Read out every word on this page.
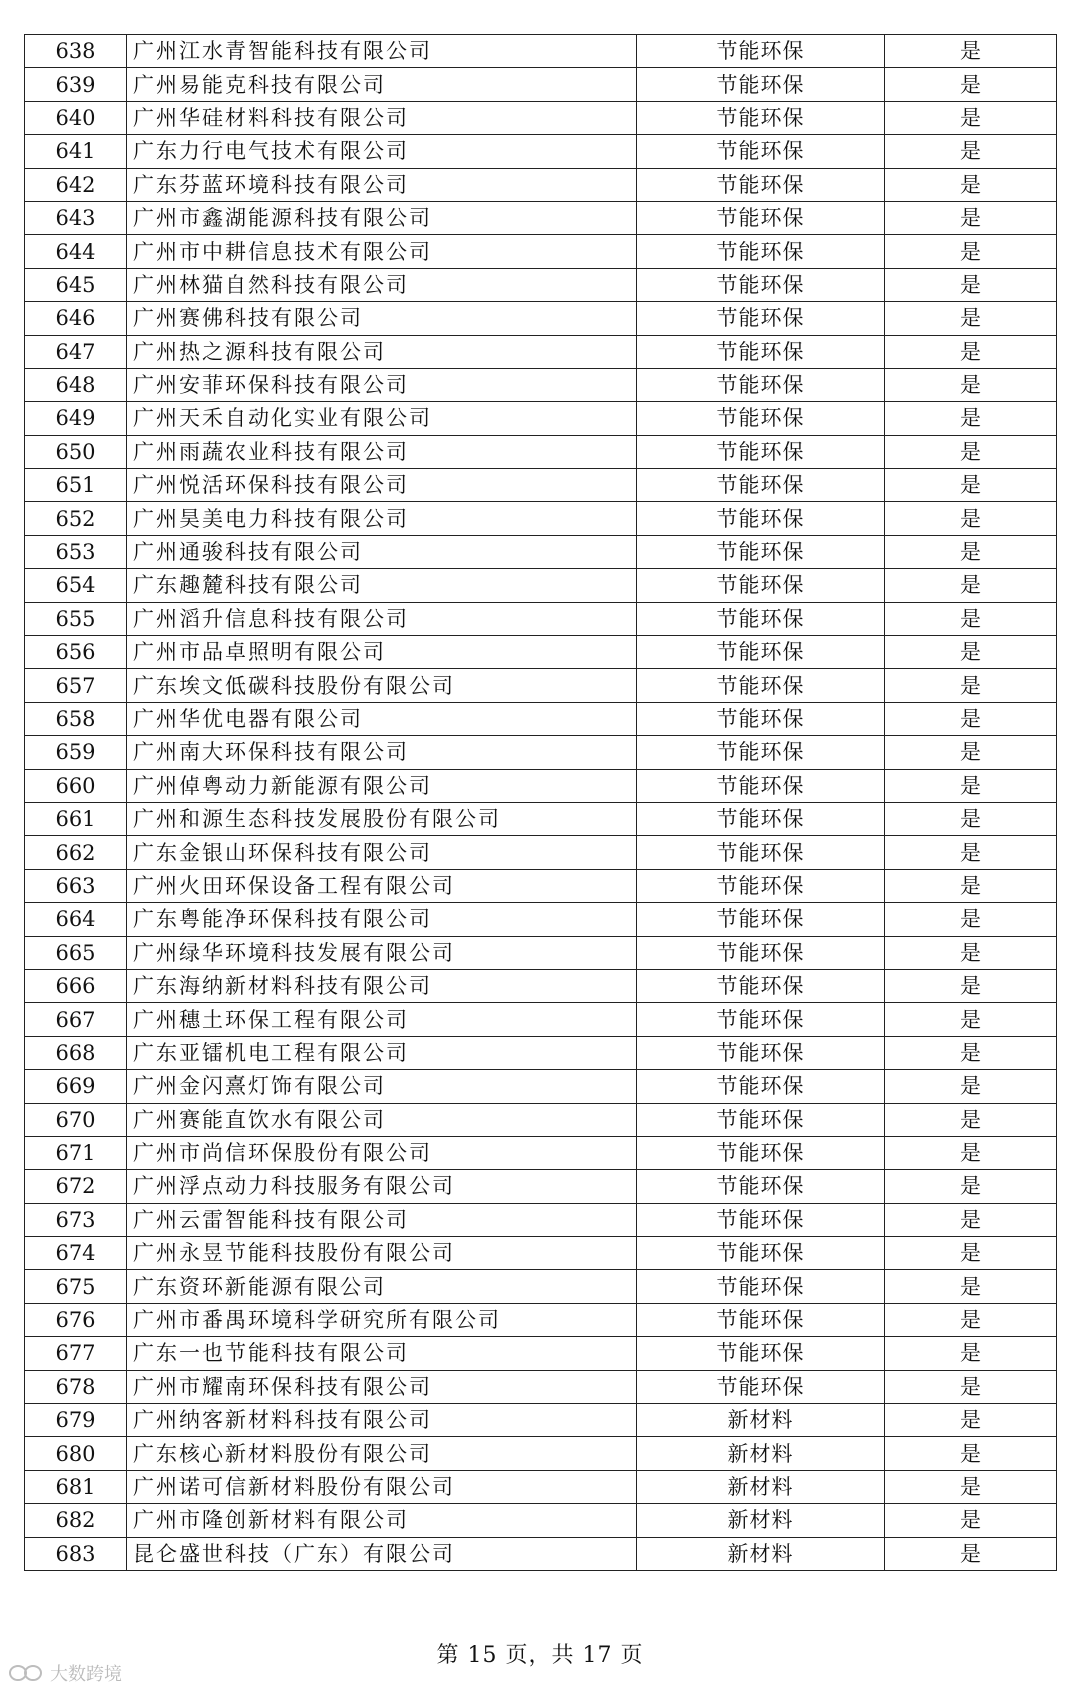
638	广州江水青智能科技有限公司	节能环保	是
639	广州易能克科技有限公司	节能环保	是
640	广州华硅材料科技有限公司	节能环保	是
641	广东力行电气技术有限公司	节能环保	是
642	广东芬蓝环境科技有限公司	节能环保	是
643	广州市鑫湖能源科技有限公司	节能环保	是
644	广州市中耕信息技术有限公司	节能环保	是
645	广州林猫自然科技有限公司	节能环保	是
646	广州赛佛科技有限公司	节能环保	是
647	广州热之源科技有限公司	节能环保	是
648	广州安菲环保科技有限公司	节能环保	是
649	广州天禾自动化实业有限公司	节能环保	是
650	广州雨蔬农业科技有限公司	节能环保	是
651	广州悦活环保科技有限公司	节能环保	是
652	广州昊美电力科技有限公司	节能环保	是
653	广州通骏科技有限公司	节能环保	是
654	广东趣麓科技有限公司	节能环保	是
655	广州滔升信息科技有限公司	节能环保	是
656	广州市品卓照明有限公司	节能环保	是
657	广东埃文低碳科技股份有限公司	节能环保	是
658	广州华优电器有限公司	节能环保	是
659	广州南大环保科技有限公司	节能环保	是
660	广州倬粤动力新能源有限公司	节能环保	是
661	广州和源生态科技发展股份有限公司	节能环保	是
662	广东金银山环保科技有限公司	节能环保	是
663	广州火田环保设备工程有限公司	节能环保	是
664	广东粤能净环保科技有限公司	节能环保	是
665	广州绿华环境科技发展有限公司	节能环保	是
666	广东海纳新材料科技有限公司	节能环保	是
667	广州穗土环保工程有限公司	节能环保	是
668	广东亚镭机电工程有限公司	节能环保	是
669	广州金闪熹灯饰有限公司	节能环保	是
670	广州赛能直饮水有限公司	节能环保	是
671	广州市尚信环保股份有限公司	节能环保	是
672	广州浮点动力科技服务有限公司	节能环保	是
673	广州云雷智能科技有限公司	节能环保	是
674	广州永昱节能科技股份有限公司	节能环保	是
675	广东资环新能源有限公司	节能环保	是
676	广州市番禺环境科学研究所有限公司	节能环保	是
677	广东一也节能科技有限公司	节能环保	是
678	广州市耀南环保科技有限公司	节能环保	是
679	广州纳客新材料科技有限公司	新材料	是
680	广东核心新材料股份有限公司	新材料	是
681	广州诺可信新材料股份有限公司	新材料	是
682	广州市隆创新材料有限公司	新材料	是
683	昆仑盛世科技（广东）有限公司	新材料	是
第 15 页，共 17 页
大数跨境
